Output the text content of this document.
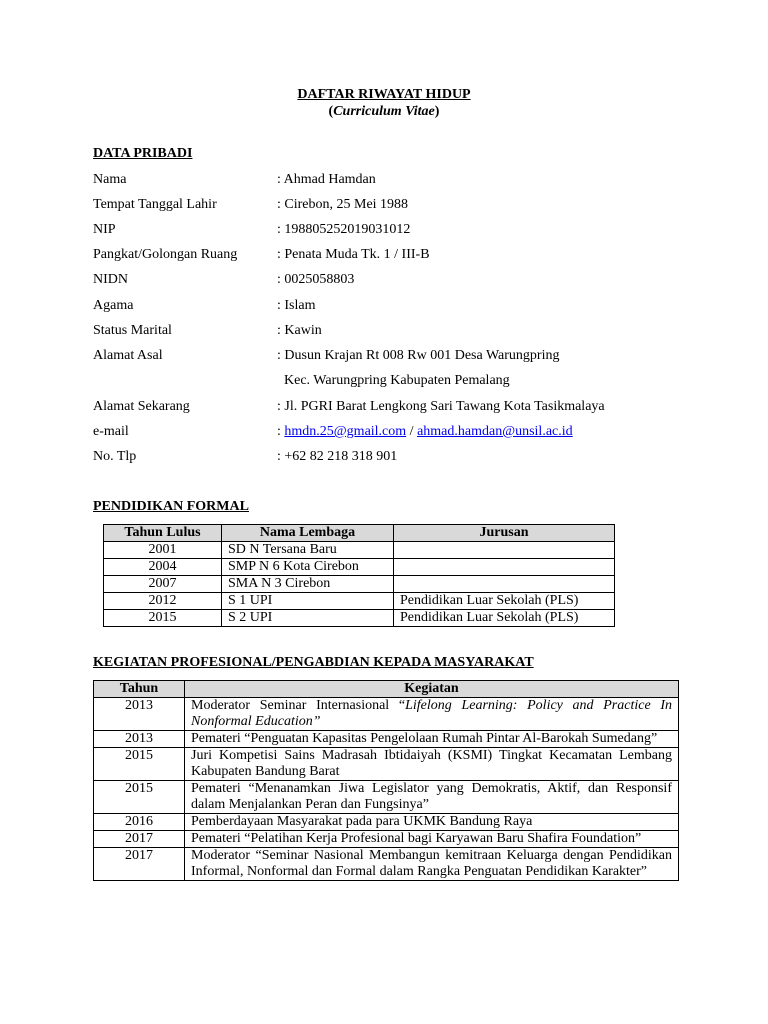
DAFTAR RIWAYAT HIDUP
(Curriculum Vitae)
DATA PRIBADI
Nama	: Ahmad Hamdan
Tempat Tanggal Lahir	: Cirebon, 25 Mei 1988
NIP	: 198805252019031012
Pangkat/Golongan Ruang	: Penata Muda Tk. 1 / III-B
NIDN	: 0025058803
Agama	: Islam
Status Marital	: Kawin
Alamat Asal	: Dusun Krajan Rt 008 Rw 001 Desa Warungpring
Kec. Warungpring Kabupaten Pemalang
Alamat Sekarang	: Jl. PGRI Barat Lengkong Sari Tawang Kota Tasikmalaya
e-mail	: hmdn.25@gmail.com / ahmad.hamdan@unsil.ac.id
No. Tlp	: +62 82 218 318 901
PENDIDIKAN FORMAL
Tahun Lulus	Nama Lembaga	Jurusan
2001	SD N Tersana Baru	
2004	SMP N 6 Kota Cirebon	
2007	SMA N 3 Cirebon	
2012	S 1 UPI	Pendidikan Luar Sekolah (PLS)
2015	S 2 UPI	Pendidikan Luar Sekolah (PLS)
KEGIATAN PROFESIONAL/PENGABDIAN KEPADA MASYARAKAT
Tahun	Kegiatan
2013	Moderator Seminar Internasional “Lifelong Learning: Policy and Practice In Nonformal Education”
2013	Pemateri “Penguatan Kapasitas Pengelolaan Rumah Pintar Al-Barokah Sumedang”
2015	Juri Kompetisi Sains Madrasah Ibtidaiyah (KSMI) Tingkat Kecamatan Lembang Kabupaten Bandung Barat
2015	Pemateri “Menanamkan Jiwa Legislator yang Demokratis, Aktif, dan Responsif dalam Menjalankan Peran dan Fungsinya”
2016	Pemberdayaan Masyarakat pada para UKMK Bandung Raya
2017	Pemateri “Pelatihan Kerja Profesional bagi Karyawan Baru Shafira Foundation”
2017	Moderator “Seminar Nasional Membangun kemitraan Keluarga dengan Pendidikan Informal, Nonformal dan Formal dalam Rangka Penguatan Pendidikan Karakter”
